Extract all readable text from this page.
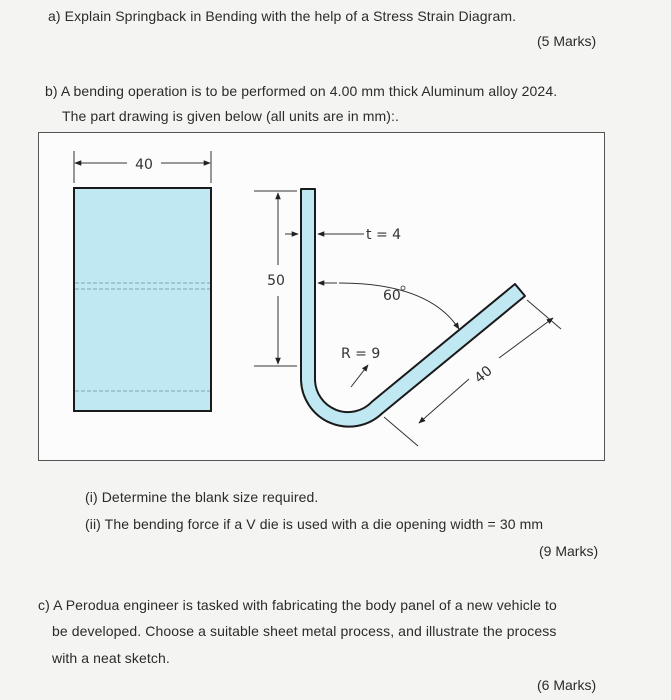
a) Explain Springback in Bending with the help of a Stress Strain Diagram.
(5 Marks)
b) A bending operation is to be performed on 4.00 mm thick Aluminum alloy 2024.
The part drawing is given below (all units are in mm):.
40
50
t = 4
60
R = 9
40
(i) Determine the blank size required.
(ii) The bending force if a V die is used with a die opening width = 30 mm
(9 Marks)
c) A Perodua engineer is tasked with fabricating the body panel of a new vehicle to
be developed. Choose a suitable sheet metal process, and illustrate the process
with a neat sketch.
(6 Marks)
